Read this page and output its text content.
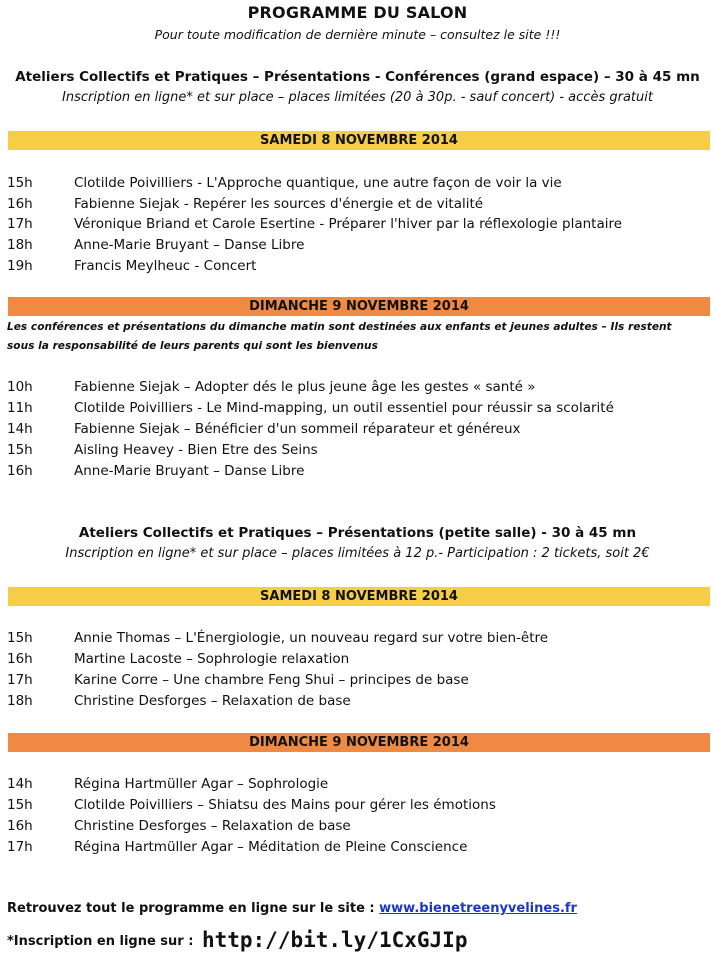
PROGRAMME DU SALON
Pour toute modification de dernière minute – consultez le site !!!
Ateliers Collectifs et Pratiques – Présentations - Conférences (grand espace) – 30 à 45 mn
Inscription en ligne* et sur place – places limitées (20 à 30p. - sauf concert) - accès gratuit
SAMEDI 8 NOVEMBRE 2014
15h	Clotilde Poivilliers - L'Approche quantique, une autre façon de voir la vie
16h	Fabienne Siejak - Repérer les sources d'énergie et de vitalité
17h	Véronique Briand et Carole Esertine - Préparer l'hiver par la réflexologie plantaire
18h	Anne-Marie Bruyant – Danse Libre
19h	Francis Meylheuc - Concert
DIMANCHE 9 NOVEMBRE 2014
Les conférences et présentations du dimanche matin sont destinées aux enfants et jeunes adultes – Ils restent
sous la responsabilité de leurs parents qui sont les bienvenus
10h	Fabienne Siejak – Adopter dés le plus jeune âge les gestes « santé »
11h	Clotilde Poivilliers - Le Mind-mapping, un outil essentiel pour réussir sa scolarité
14h	Fabienne Siejak – Bénéficier d'un sommeil réparateur et généreux
15h	Aisling Heavey - Bien Etre des Seins
16h	Anne-Marie Bruyant – Danse Libre
Ateliers Collectifs et Pratiques – Présentations (petite salle) - 30 à 45 mn
Inscription en ligne* et sur place – places limitées à 12 p.- Participation : 2 tickets, soit 2€
SAMEDI 8 NOVEMBRE 2014
15h	Annie Thomas – L'Énergiologie, un nouveau regard sur votre bien-être
16h	Martine Lacoste – Sophrologie relaxation
17h	Karine Corre – Une chambre Feng Shui – principes de base
18h	Christine Desforges – Relaxation de base
DIMANCHE 9 NOVEMBRE 2014
14h	Régina Hartmüller Agar – Sophrologie
15h	Clotilde Poivilliers – Shiatsu des Mains pour gérer les émotions
16h	Christine Desforges – Relaxation de base
17h	Régina Hartmüller Agar – Méditation de Pleine Conscience
Retrouvez tout le programme en ligne sur le site : www.bienetreenyvelines.fr
*Inscription en ligne sur : http://bit.ly/1CxGJIp
